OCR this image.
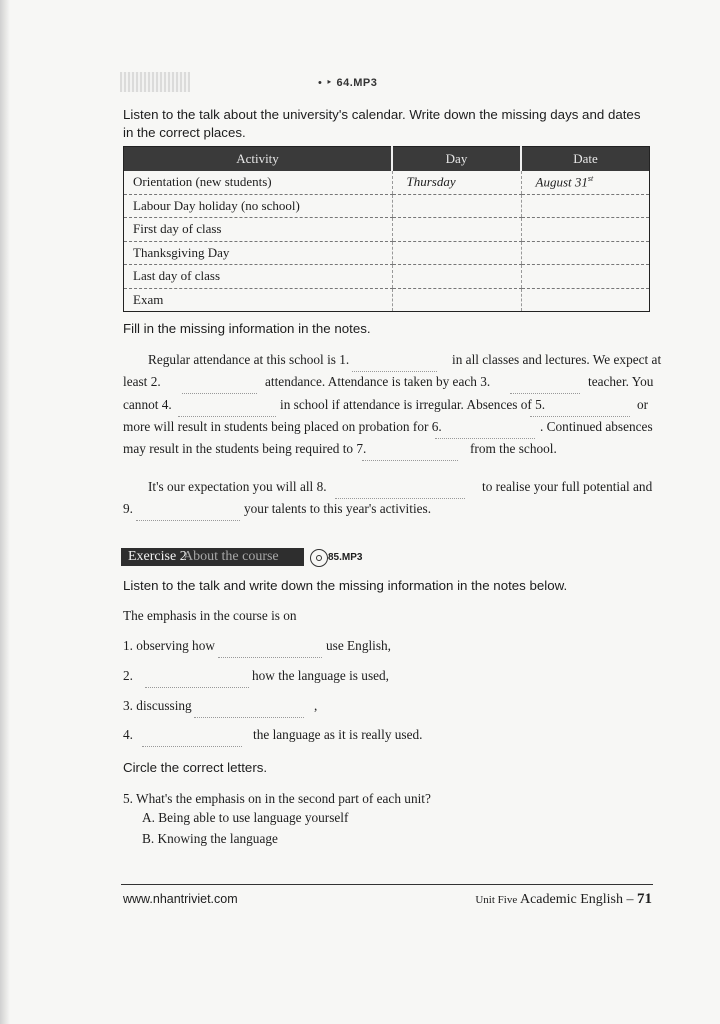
• ‣ 64.MP3
Listen to the talk about the university's calendar. Write down the missing days and dates in the correct places.
Activity	Day	Date
Orientation (new students)	Thursday	August 31st
Labour Day holiday (no school)		
First day of class		
Thanksgiving Day		
Last day of class		
Exam		
Fill in the missing information in the notes.
Regular attendance at this school is 1.	in all classes and lectures. We expect at
least 2.	attendance. Attendance is taken by each 3.	teacher. You
cannot 4.	in school if attendance is irregular. Absences of 5.	or
more will result in students being placed on probation for 6.	. Continued absences
may result in the students being required to 7.	from the school.
It's our expectation you will all 8.	to realise your full potential and
9.	your talents to this year's activities.
Exercise 2
About the course	85.MP3
Listen to the talk and write down the missing information in the notes below.
The emphasis in the course is on
1. observing how	use English,
2.	how the language is used,
3. discussing	,
4.	the language as it is really used.
Circle the correct letters.
5. What's the emphasis on in the second part of each unit?
A. Being able to use language yourself
B. Knowing the language
www.nhantriviet.com	Unit Five Academic English – 71
